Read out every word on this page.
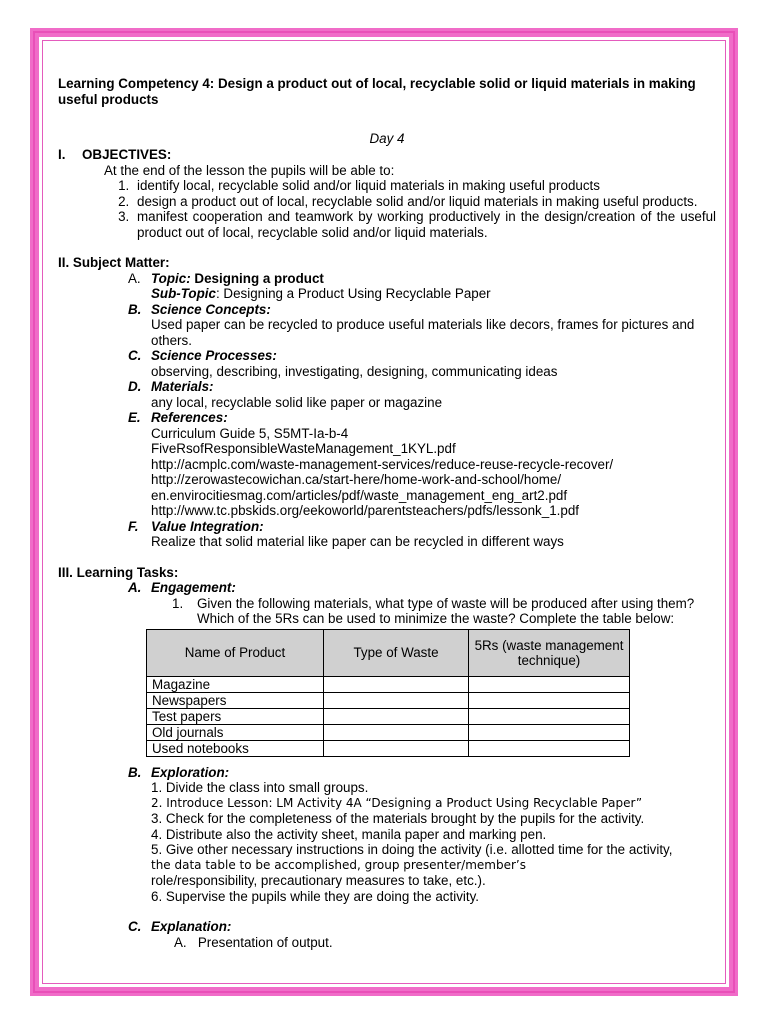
Learning Competency 4: Design a product out of local, recyclable solid or liquid materials in making useful products

Day 4
I.	OBJECTIVES:
At the end of the lesson the pupils will be able to:
1. identify local, recyclable solid and/or liquid materials in making useful products
2. design a product out of local, recyclable solid and/or liquid materials in making useful products.
3. manifest cooperation and teamwork by working productively in the design/creation of the useful product out of local, recyclable solid and/or liquid materials.
II. Subject Matter:
A. Topic: Designing a product
Sub-Topic: Designing a Product Using Recyclable Paper
B. Science Concepts:
Used paper can be recycled to produce useful materials like decors, frames for pictures and others.
C. Science Processes:
observing, describing, investigating, designing, communicating ideas
D. Materials:
any local, recyclable solid like paper or magazine
E. References:
Curriculum Guide 5, S5MT-Ia-b-4
FiveRsofResponsibleWasteManagement_1KYL.pdf
http://acmplc.com/waste-management-services/reduce-reuse-recycle-recover/
http://zerowastecowichan.ca/start-here/home-work-and-school/home/
en.envirocitiesmag.com/articles/pdf/waste_management_eng_art2.pdf
http://www.tc.pbskids.org/eekoworld/parentsteachers/pdfs/lessonk_1.pdf
F. Value Integration:
Realize that solid material like paper can be recycled in different ways
III. Learning Tasks:
A. Engagement:
1.	Given the following materials, what type of waste will be produced after using them? Which of the 5Rs can be used to minimize the waste? Complete the table below:
Name of Product	Type of Waste	5Rs (waste management technique)
Magazine		
Newspapers		
Test papers		
Old journals		
Used notebooks		
B. Exploration:
1. Divide the class into small groups.
2. Introduce Lesson: LM Activity 4A “Designing a Product Using Recyclable Paper”
3. Check for the completeness of the materials brought by the pupils for the activity.
4. Distribute also the activity sheet, manila paper and marking pen.
5. Give other necessary instructions in doing the activity (i.e. allotted time for the activity,
the data table to be accomplished, group presenter/member’s
role/responsibility, precautionary measures to take, etc.).
6. Supervise the pupils while they are doing the activity.
C. Explanation:
A. Presentation of output.
